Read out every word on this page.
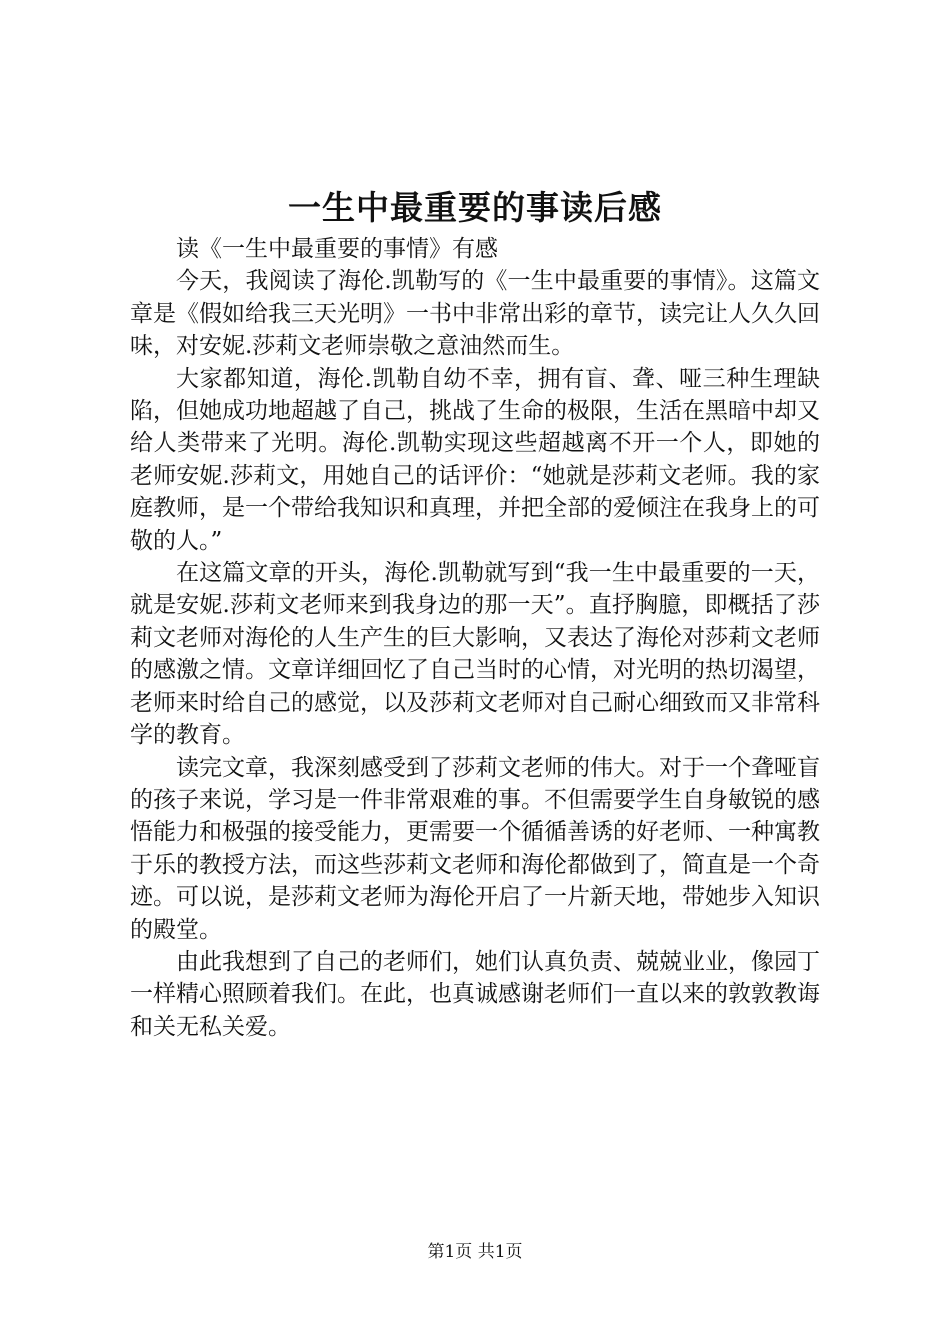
一生中最重要的事读后感

读《一生中最重要的事情》有感

今天，我阅读了海伦.凯勒写的《一生中最重要的事情》。这篇文章是《假如给我三天光明》一书中非常出彩的章节，读完让人久久回味，对安妮.莎莉文老师崇敬之意油然而生。

大家都知道，海伦.凯勒自幼不幸，拥有盲、聋、哑三种生理缺陷，但她成功地超越了自己，挑战了生命的极限，生活在黑暗中却又给人类带来了光明。海伦.凯勒实现这些超越离不开一个人，即她的老师安妮.莎莉文，用她自己的话评价：“她就是莎莉文老师。我的家庭教师，是一个带给我知识和真理，并把全部的爱倾注在我身上的可敬的人。”

在这篇文章的开头，海伦.凯勒就写到“我一生中最重要的一天，就是安妮.莎莉文老师来到我身边的那一天”。直抒胸臆，即概括了莎莉文老师对海伦的人生产生的巨大影响，又表达了海伦对莎莉文老师的感激之情。文章详细回忆了自己当时的心情，对光明的热切渴望，老师来时给自己的感觉，以及莎莉文老师对自己耐心细致而又非常科学的教育。

读完文章，我深刻感受到了莎莉文老师的伟大。对于一个聋哑盲的孩子来说，学习是一件非常艰难的事。不但需要学生自身敏锐的感悟能力和极强的接受能力，更需要一个循循善诱的好老师、一种寓教于乐的教授方法，而这些莎莉文老师和海伦都做到了，简直是一个奇迹。可以说，是莎莉文老师为海伦开启了一片新天地，带她步入知识的殿堂。

由此我想到了自己的老师们，她们认真负责、兢兢业业，像园丁一样精心照顾着我们。在此，也真诚感谢老师们一直以来的敦敦教诲和关无私关爱。

第1页 共1页
